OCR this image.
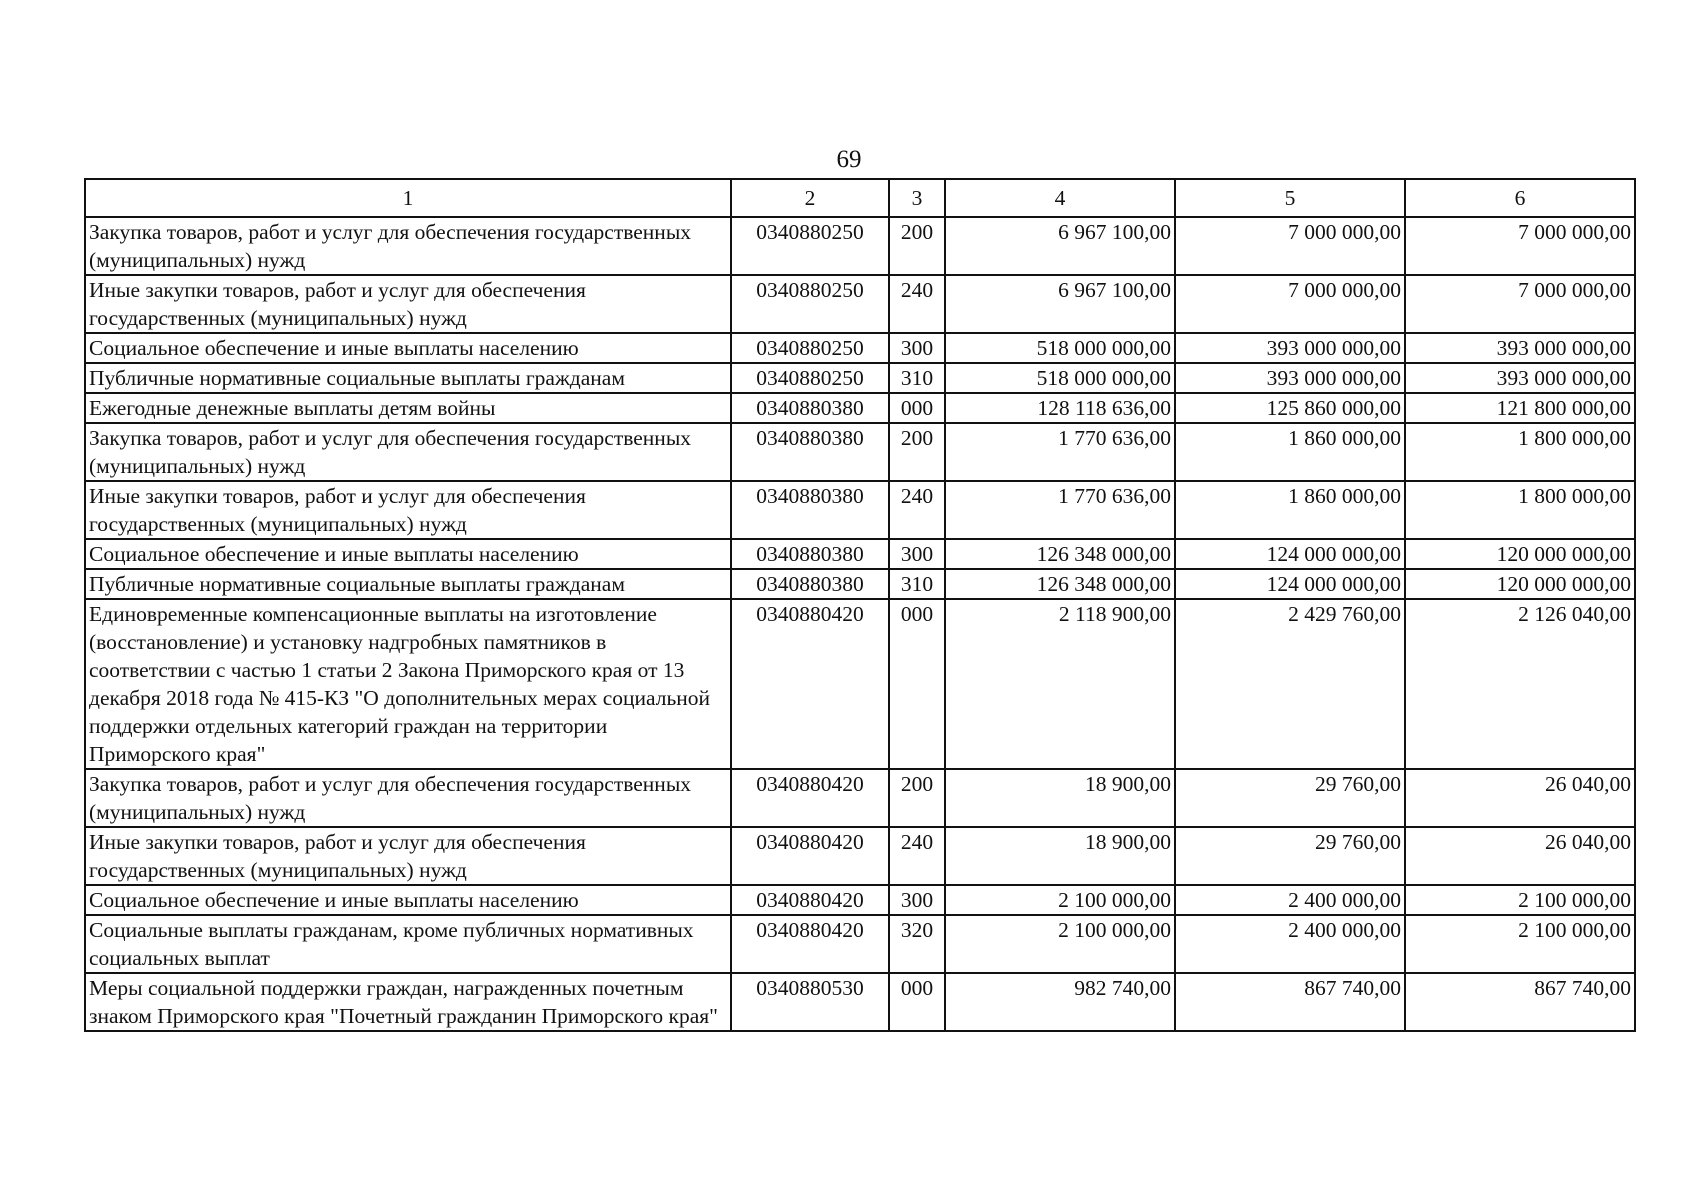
69
1	2	3	4	5	6
Закупка товаров, работ и услуг для обеспечения государственных (муниципальных) нужд	0340880250	200	6 967 100,00	7 000 000,00	7 000 000,00
Иные закупки товаров, работ и услуг для обеспечения государственных (муниципальных) нужд	0340880250	240	6 967 100,00	7 000 000,00	7 000 000,00
Социальное обеспечение и иные выплаты населению	0340880250	300	518 000 000,00	393 000 000,00	393 000 000,00
Публичные нормативные социальные выплаты гражданам	0340880250	310	518 000 000,00	393 000 000,00	393 000 000,00
Ежегодные денежные выплаты детям войны	0340880380	000	128 118 636,00	125 860 000,00	121 800 000,00
Закупка товаров, работ и услуг для обеспечения государственных (муниципальных) нужд	0340880380	200	1 770 636,00	1 860 000,00	1 800 000,00
Иные закупки товаров, работ и услуг для обеспечения государственных (муниципальных) нужд	0340880380	240	1 770 636,00	1 860 000,00	1 800 000,00
Социальное обеспечение и иные выплаты населению	0340880380	300	126 348 000,00	124 000 000,00	120 000 000,00
Публичные нормативные социальные выплаты гражданам	0340880380	310	126 348 000,00	124 000 000,00	120 000 000,00
Единовременные компенсационные выплаты на изготовление (восстановление) и установку надгробных памятников в соответствии с частью 1 статьи 2 Закона Приморского края от 13 декабря 2018 года № 415-КЗ "О дополнительных мерах социальной поддержки отдельных категорий граждан на территории Приморского края"	0340880420	000	2 118 900,00	2 429 760,00	2 126 040,00
Закупка товаров, работ и услуг для обеспечения государственных (муниципальных) нужд	0340880420	200	18 900,00	29 760,00	26 040,00
Иные закупки товаров, работ и услуг для обеспечения государственных (муниципальных) нужд	0340880420	240	18 900,00	29 760,00	26 040,00
Социальное обеспечение и иные выплаты населению	0340880420	300	2 100 000,00	2 400 000,00	2 100 000,00
Социальные выплаты гражданам, кроме публичных нормативных социальных выплат	0340880420	320	2 100 000,00	2 400 000,00	2 100 000,00
Меры социальной поддержки граждан, награжденных почетным знаком Приморского края "Почетный гражданин Приморского края"	0340880530	000	982 740,00	867 740,00	867 740,00
